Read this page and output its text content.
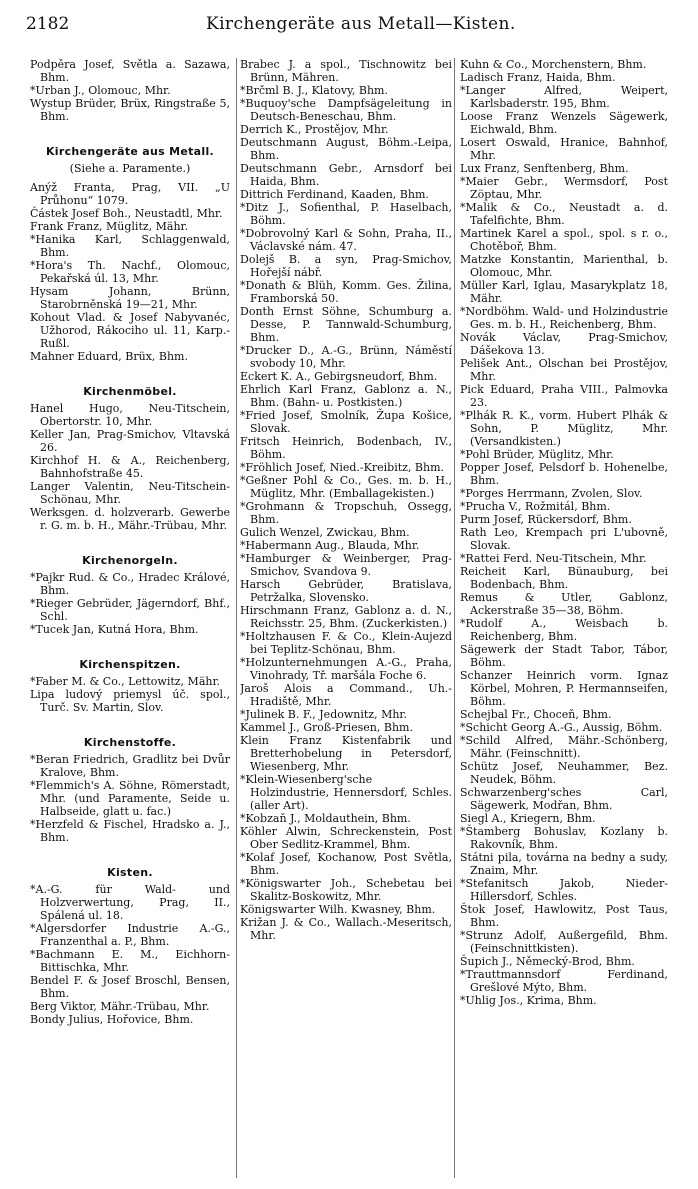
2182	Kirchengeräte aus Metall—Kisten.
Podpěra Josef, Světla a. Sazawa, Bhm.
*Urban J., Olomouc, Mhr.
Wystup Brüder, Brüx, Ringstraße 5, Bhm.
Kirchengeräte aus Metall.
(Siehe a. Paramente.)
Anýž Franta, Prag, VII. „U Průhonu“ 1079.
Částek Josef Boh., Neustadtl, Mhr.
Frank Franz, Müglitz, Mähr.
*Hanika Karl, Schlaggenwald, Bhm.
*Hora's Th. Nachf., Olomouc, Pekařská úl. 13, Mhr.
Hysam Johann, Brünn, Starobrněnská 19—21, Mhr.
Kohout Vlad. & Josef Nabyvanéc, Užhorod, Rákociho ul. 11, Karp.-Rußl.
Mahner Eduard, Brüx, Bhm.
Kirchenmöbel.
Hanel Hugo, Neu-Titschein, Obertorstr. 10, Mhr.
Keller Jan, Prag-Smichov, Vltavská 26.
Kirchhof H. & A., Reichenberg, Bahnhofstraße 45.
Langer Valentin, Neu-Titschein-Schönau, Mhr.
Werksgen. d. holzverarb. Gewerbe r. G. m. b. H., Mähr.-Trübau, Mhr.
Kirchenorgeln.
*Pajkr Rud. & Co., Hradec Králové, Bhm.
*Rieger Gebrüder, Jägerndorf, Bhf., Schl.
*Tucek Jan, Kutná Hora, Bhm.
Kirchenspitzen.
*Faber M. & Co., Lettowitz, Mähr.
Lipa ludový priemysl úč. spol., Turč. Sv. Martin, Slov.
Kirchenstoffe.
*Beran Friedrich, Gradlitz bei Dvůr Kralove, Bhm.
*Flemmich's A. Söhne, Römerstadt, Mhr. (und Paramente, Seide u. Halbseide, glatt u. fac.)
*Herzfeld & Fischel, Hradsko a. J., Bhm.
Kisten.
*A.-G. für Wald- und Holzverwertung, Prag, II., Spálená ul. 18.
*Algersdorfer Industrie A.-G., Franzenthal a. P., Bhm.
*Bachmann E. M., Eichhorn-Bittischka, Mhr.
Bendel F. & Josef Broschl, Bensen, Bhm.
Berg Viktor, Mähr.-Trübau, Mhr.
Bondy Julius, Hořovice, Bhm.
Brabec J. a spol., Tischnowitz bei Brünn, Mähren.
*Brčml B. J., Klatovy, Bhm.
*Buquoy'sche Dampfsägeleitung in Deutsch-Beneschau, Bhm.
Derrich K., Prostějov, Mhr.
Deutschmann August, Böhm.-Leipa, Bhm.
Deutschmann Gebr., Arnsdorf bei Haida, Bhm.
Dittrich Ferdinand, Kaaden, Bhm.
*Ditz J., Sofienthal, P. Haselbach, Böhm.
*Dobrovolný Karl & Sohn, Praha, II., Václavské nám. 47.
Doleјš B. a syn, Prag-Smichov, Hořejší nábř.
*Donath & Blüh, Komm. Ges. Žilina, Framborská 50.
Donth Ernst Söhne, Schumburg a. Desse, P. Tannwald-Schumburg, Bhm.
*Drucker D., A.-G., Brünn, Náměstí svobody 10, Mhr.
Eckert K. A., Gebirgsneudorf, Bhm.
Ehrlich Karl Franz, Gablonz a. N., Bhm. (Bahn- u. Postkisten.)
*Fried Josef, Smolník, Župa Košice, Slovak.
Fritsch Heinrich, Bodenbach, IV., Böhm.
*Fröhlich Josef, Nied.-Kreibitz, Bhm.
*Geßner Pohl & Co., Ges. m. b. H., Müglitz, Mhr. (Emballagekisten.)
*Grohmann & Tropschuh, Ossegg, Bhm.
Gulich Wenzel, Zwickau, Bhm.
*Habermann Aug., Blauda, Mhr.
*Hamburger & Weinberger, Prag-Smichov, Svandova 9.
Harsch Gebrüder, Bratislava, Petržalka, Slovensko.
Hirschmann Franz, Gablonz a. d. N., Reichsstr. 25, Bhm. (Zuckerkisten.)
*Holtzhausen F. & Co., Klein-Aujezd bei Teplitz-Schönau, Bhm.
*Holzunternehmungen A.-G., Praha, Vinohrady, Tř. maršála Foche 6.
Jaroš Alois a Command., Uh.-Hradiště, Mhr.
*Julinek B. F., Jedownitz, Mhr.
Kammel J., Groß-Priesen, Bhm.
Klein Franz Kistenfabrik und Bretterhobelung in Petersdorf, Wiesenberg, Mhr.
*Klein-Wiesenberg'sche Holzindustrie, Hennersdorf, Schles. (aller Art).
*Kobzaň J., Moldauthein, Bhm.
Köhler Alwin, Schreckenstein, Post Ober Sedlitz-Krammel, Bhm.
*Kolaf Josef, Kochanow, Post Světla, Bhm.
*Königswarter Joh., Schebetau bei Skalitz-Boskowitz, Mhr.
Königswarter Wilh. Kwasney, Bhm.
Križan J. & Co., Wallach.-Meseritsch, Mhr.
Kuhn & Co., Morchenstern, Bhm.
Ladisch Franz, Haida, Bhm.
*Langer Alfred, Weipert, Karlsbaderstr. 195, Bhm.
Loose Franz Wenzels Sägewerk, Eichwald, Bhm.
Losert Oswald, Hranice, Bahnhof, Mhr.
Lux Franz, Senftenberg, Bhm.
*Maier Gebr., Wermsdorf, Post Zöptau, Mhr.
*Malik & Co., Neustadt a. d. Tafelfichte, Bhm.
Martinek Karel a spol., spol. s r. o., Chotěboř, Bhm.
Matzke Konstantin, Marienthal, b. Olomouc, Mhr.
Müller Karl, Iglau, Masarykplatz 18, Mähr.
*Nordböhm. Wald- und Holzindustrie Ges. m. b. H., Reichenberg, Bhm.
Novák Václav, Prag-Smichov, Dášekova 13.
Pelišek Ant., Olschan bei Prostějov, Mhr.
Pick Eduard, Praha VIII., Palmovka 23.
*Plhák R. K., vorm. Hubert Plhák & Sohn, P. Müglitz, Mhr. (Versandkisten.)
*Pohl Brüder, Müglitz, Mhr.
Popper Josef, Pelsdorf b. Hohenelbe, Bhm.
*Porges Herrmann, Zvolen, Slov.
*Prucha V., Rožmitál, Bhm.
Purm Josef, Rückersdorf, Bhm.
Rath Leo, Krempach pri L'ubovně, Slovak.
*Rattei Ferd. Neu-Titschein, Mhr.
Reicheit Karl, Bünauburg, bei Bodenbach, Bhm.
Remus & Utler, Gablonz, Ackerstraße 35—38, Böhm.
*Rudolf A., Weisbach b. Reichenberg, Bhm.
Sägewerk der Stadt Tabor, Tábor, Böhm.
Schanzer Heinrich vorm. Ignaz Körbel, Mohren, P. Hermannseifen, Böhm.
Schejbal Fr., Choceň, Bhm.
*Schicht Georg A.-G., Aussig, Böhm.
*Schild Alfred, Mähr.-Schönberg, Mähr. (Feinschnitt).
Schütz Josef, Neuhammer, Bez. Neudek, Böhm.
Schwarzenberg'sches Carl, Sägewerk, Modřan, Bhm.
Siegl A., Kriegern, Bhm.
*Štamberg Bohuslav, Kozlany b. Rakovník, Bhm.
Státni pila, továrna na bedny a sudy, Znaim, Mhr.
*Stefanitsch Jakob, Nieder-Hillersdorf, Schles.
Štok Josef, Hawlowitz, Post Taus, Bhm.
*Strunz Adolf, Außergefild, Bhm. (Feinschnittkisten).
Šupich J., Německý-Brod, Bhm.
*Trauttmannsdorf Ferdinand, Grešlové Mýto, Bhm.
*Uhlig Jos., Krima, Bhm.
